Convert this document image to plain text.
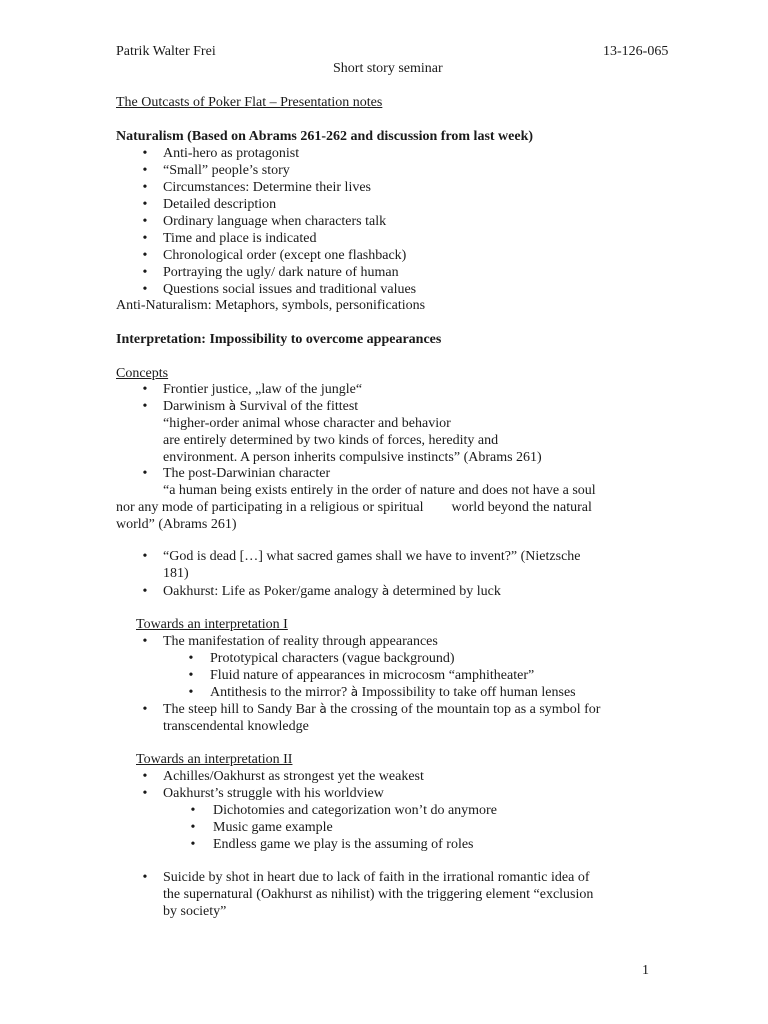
Patrik Walter Frei	13-126-065
Short story seminar
The Outcasts of Poker Flat – Presentation notes
Naturalism (Based on Abrams 261-262 and discussion from last week)
• Anti-hero as protagonist
• “Small” people’s story
• Circumstances: Determine their lives
• Detailed description
• Ordinary language when characters talk
• Time and place is indicated
• Chronological order (except one flashback)
• Portraying the ugly/ dark nature of human
• Questions social issues and traditional values
Anti-Naturalism: Metaphors, symbols, personifications
Interpretation: Impossibility to overcome appearances
Concepts
• Frontier justice, „law of the jungle“
• Darwinism à Survival of the fittest
“higher-order animal whose character and behavior
are entirely determined by two kinds of forces, heredity and
environment. A person inherits compulsive instincts” (Abrams 261)
• The post-Darwinian character
“a human being exists entirely in the order of nature and does not have a soul
nor any mode of participating in a religious or spiritual        world beyond the natural
world” (Abrams 261)
• “God is dead […] what sacred games shall we have to invent?” (Nietzsche
181)
• Oakhurst: Life as Poker/game analogy à determined by luck
Towards an interpretation I
• The manifestation of reality through appearances
• Prototypical characters (vague background)
• Fluid nature of appearances in microcosm “amphitheater”
• Antithesis to the mirror? à Impossibility to take off human lenses
• The steep hill to Sandy Bar à the crossing of the mountain top as a symbol for
transcendental knowledge
Towards an interpretation II
• Achilles/Oakhurst as strongest yet the weakest
• Oakhurst’s struggle with his worldview
• Dichotomies and categorization won’t do anymore
• Music game example
• Endless game we play is the assuming of roles
• Suicide by shot in heart due to lack of faith in the irrational romantic idea of
the supernatural (Oakhurst as nihilist) with the triggering element “exclusion
by society”
1
